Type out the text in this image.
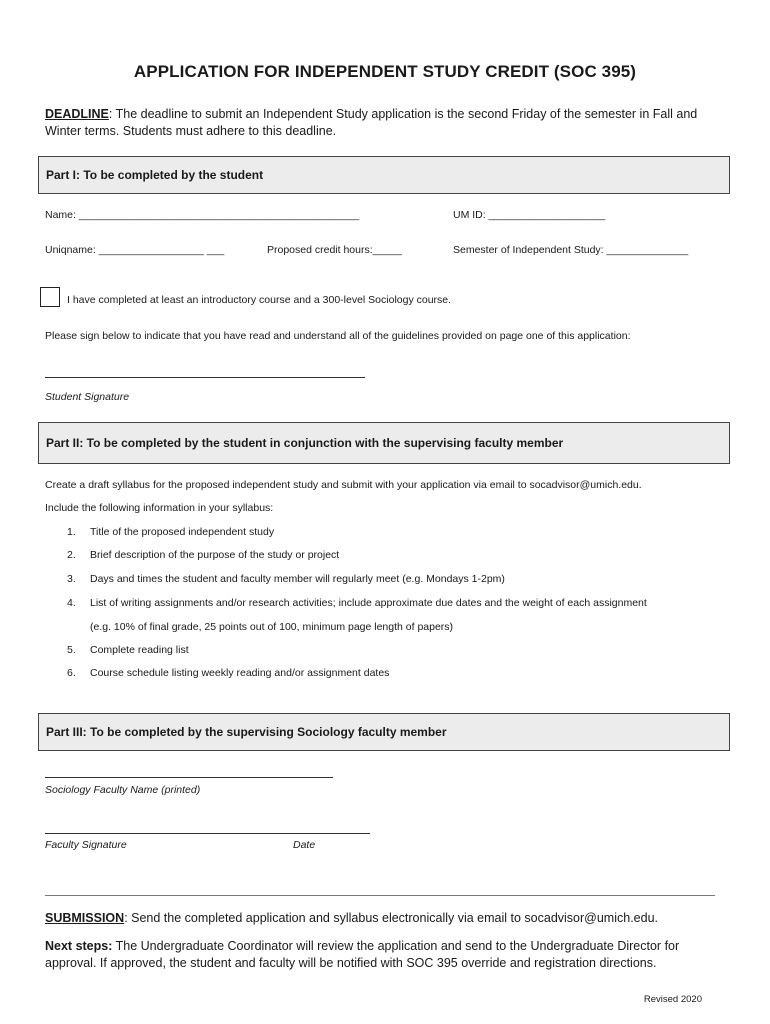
APPLICATION FOR INDEPENDENT STUDY CREDIT (SOC 395)
DEADLINE: The deadline to submit an Independent Study application is the second Friday of the semester in Fall and Winter terms. Students must adhere to this deadline.
Part I: To be completed by the student
Name: ________________________________________________	UM ID: ____________________
Uniqname: __________________ ___	Proposed credit hours:_____	Semester of Independent Study: ______________
I have completed at least an introductory course and a 300-level Sociology course.
Please sign below to indicate that you have read and understand all of the guidelines provided on page one of this application:
Student Signature
Part II: To be completed by the student in conjunction with the supervising faculty member
Create a draft syllabus for the proposed independent study and submit with your application via email to socadvisor@umich.edu.
Include the following information in your syllabus:
1. Title of the proposed independent study
2. Brief description of the purpose of the study or project
3. Days and times the student and faculty member will regularly meet (e.g. Mondays 1-2pm)
4. List of writing assignments and/or research activities; include approximate due dates and the weight of each assignment
(e.g. 10% of final grade, 25 points out of 100, minimum page length of papers)
5. Complete reading list
6. Course schedule listing weekly reading and/or assignment dates
Part III: To be completed by the supervising Sociology faculty member
Sociology Faculty Name (printed)
Faculty Signature	Date
SUBMISSION: Send the completed application and syllabus electronically via email to socadvisor@umich.edu.
Next steps: The Undergraduate Coordinator will review the application and send to the Undergraduate Director for approval. If approved, the student and faculty will be notified with SOC 395 override and registration directions.
Revised 2020
